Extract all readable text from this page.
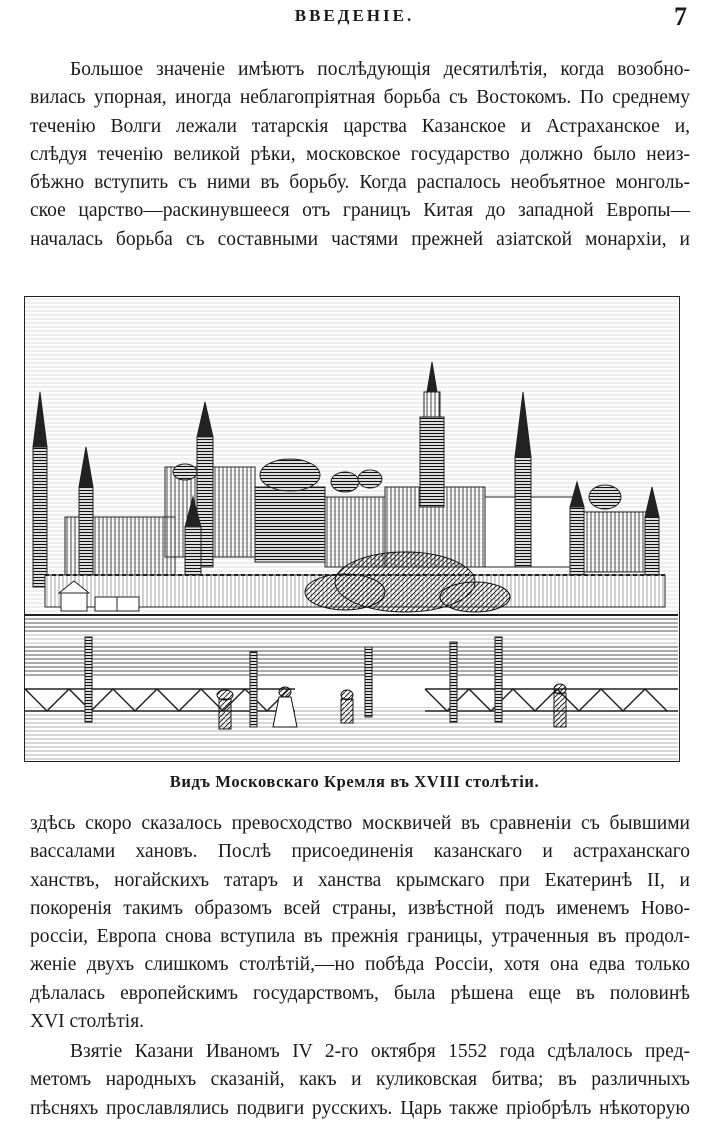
ВВЕДЕНIЕ.	7
Большое значенiе имѣютъ послѣдующiя десятилѣтiя, когда возобно-
вилась упорная, иногда неблагопрiятная борьба съ Востокомъ. По среднему
теченiю Волги лежали татарскiя царства Казанское и Астраханское и,
слѣдуя теченiю великой рѣки, московское государство должно было неиз-
бѣжно вступить съ ними въ борьбу. Когда распалось необъятное монголь-
ское царство—раскинувшееся отъ границъ Китая до западной Европы—
началась борьба съ составными частями прежней азiатской монархiи, и
Видъ Московскаго Кремля въ XVIII столѣтiи.
здѣсь скоро сказалось превосходство москвичей въ сравненiи съ бывшими
вассалами хановъ. Послѣ присоединенiя казанскаго и астраханскаго
ханствъ, ногайскихъ татаръ и ханства крымскаго при Екатеринѣ II, и
покоренiя такимъ образомъ всей страны, извѣстной подъ именемъ Ново-
россiи, Европа снова вступила въ прежнiя границы, утраченныя въ продол-
женiе двухъ слишкомъ столѣтiй,—но побѣда Россiи, хотя она едва только
дѣлалась европейскимъ государствомъ, была рѣшена еще въ половинѣ
XVI столѣтiя.
Взятiе Казани Иваномъ IV 2-го октября 1552 года сдѣлалось пред-
метомъ народныхъ сказанiй, какъ и куликовская битва; въ различныхъ
пѣсняхъ прославлялись подвиги русскихъ. Царь также прiобрѣлъ нѣкоторую
